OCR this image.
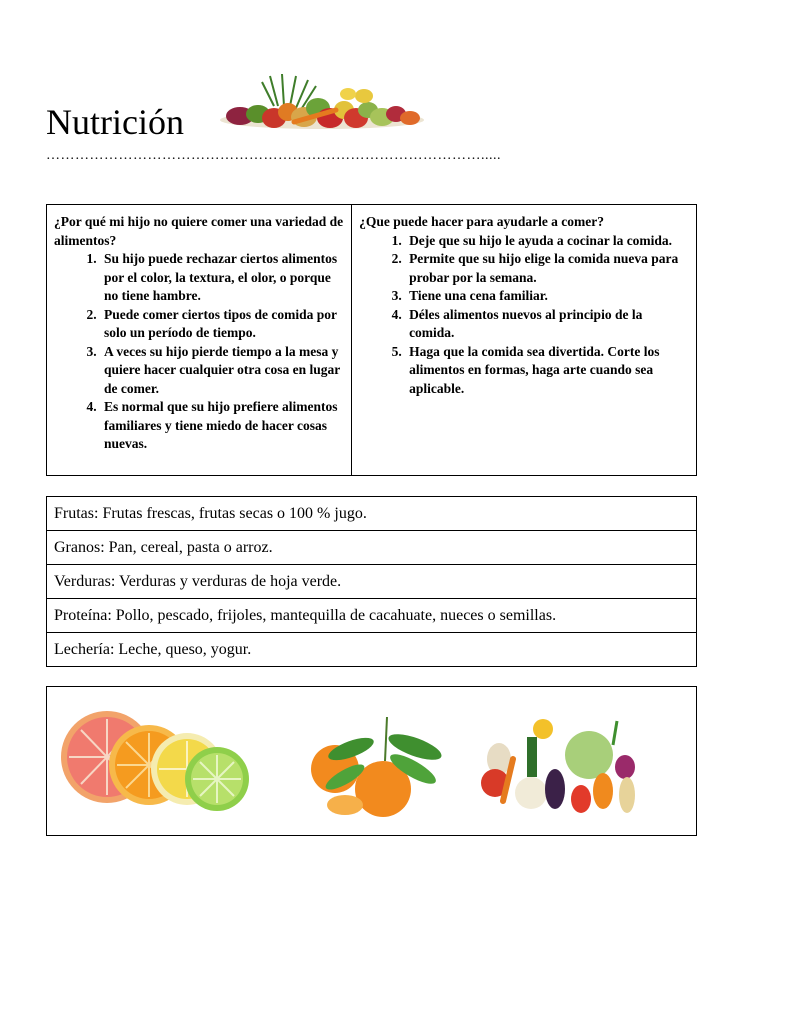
Nutrición
……………………………………………………………………………….....
¿Por qué mi hijo no quiere comer una variedad de alimentos?
1. Su hijo puede rechazar ciertos alimentos por el color, la textura, el olor, o porque no tiene hambre.
2. Puede comer ciertos tipos de comida por solo un período de tiempo.
3. A veces su hijo pierde tiempo a la mesa y quiere hacer cualquier otra cosa en lugar de comer.
4. Es normal que su hijo prefiere alimentos familiares y tiene miedo de hacer cosas nuevas.
¿Que puede hacer para ayudarle a comer?
1. Deje que su hijo le ayuda a cocinar la comida.
2. Permite que su hijo elige la comida nueva para probar por la semana.
3. Tiene una cena familiar.
4. Déles alimentos nuevos al principio de la comida.
5. Haga que la comida sea divertida. Corte los alimentos en formas, haga arte cuando sea aplicable.
Frutas: Frutas frescas, frutas secas o 100 % jugo.
Granos: Pan, cereal, pasta o arroz.
Verduras: Verduras y verduras de hoja verde.
Proteína: Pollo, pescado, frijoles, mantequilla de cacahuate, nueces o semillas.
Lechería: Leche, queso, yogur.
